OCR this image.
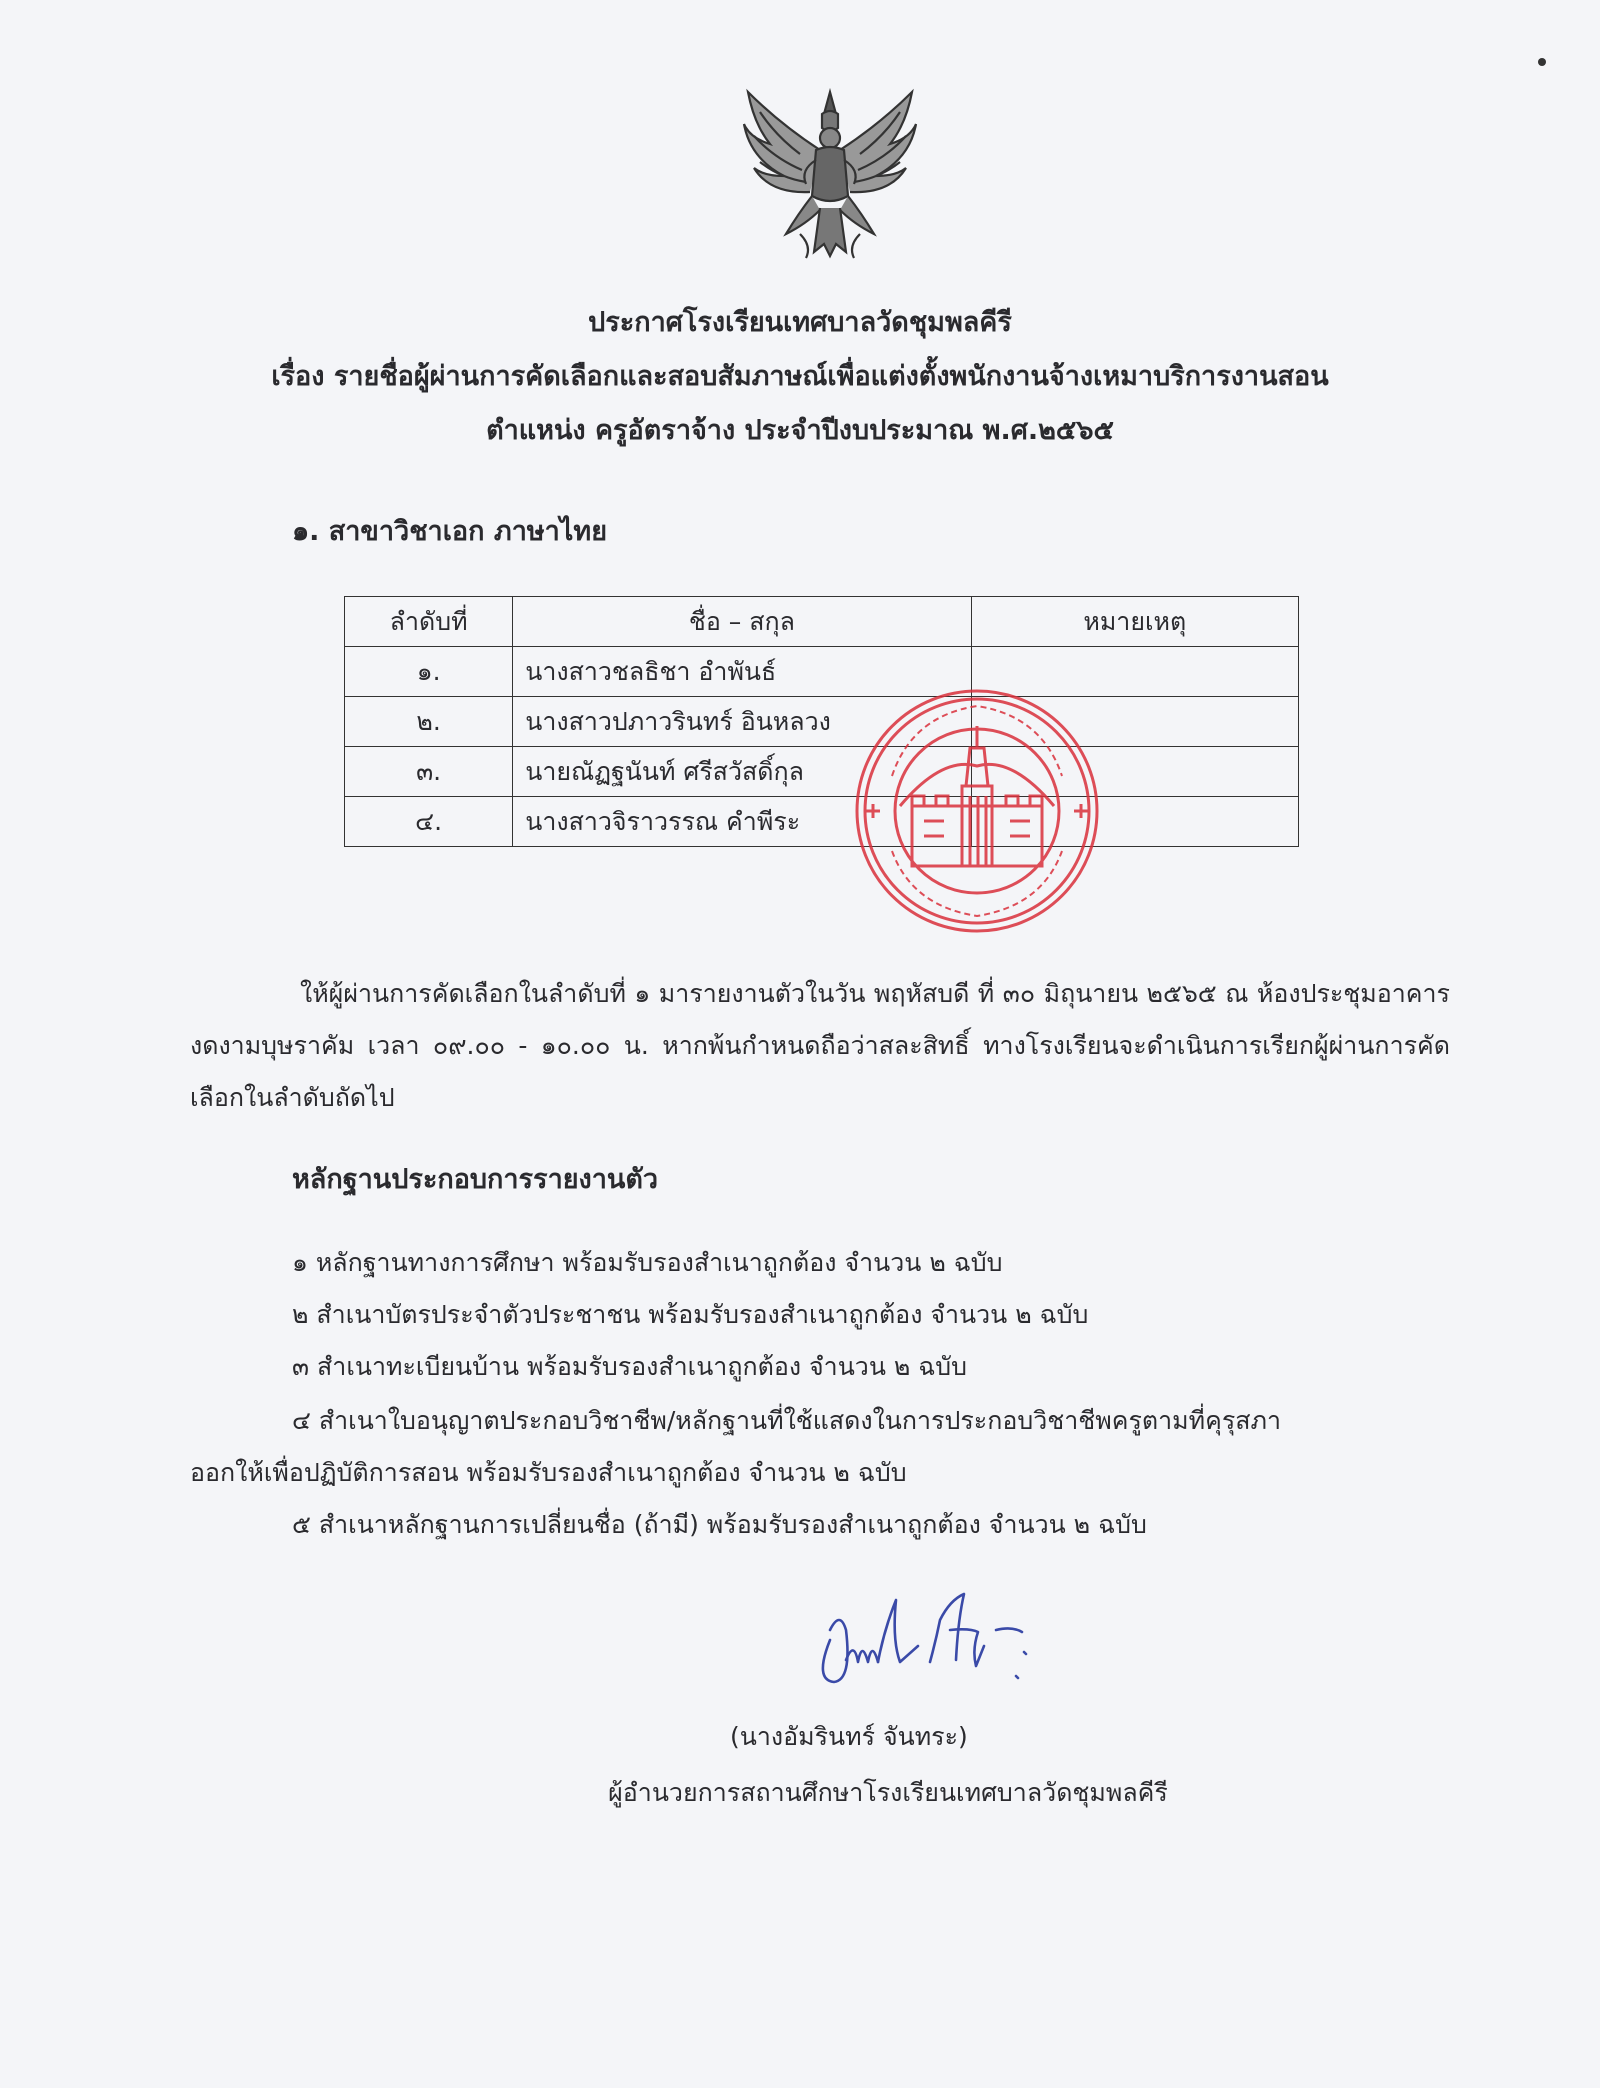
ประกาศโรงเรียนเทศบาลวัดชุมพลคีรี
เรื่อง รายชื่อผู้ผ่านการคัดเลือกและสอบสัมภาษณ์เพื่อแต่งตั้งพนักงานจ้างเหมาบริการงานสอน
ตำแหน่ง ครูอัตราจ้าง ประจำปีงบประมาณ พ.ศ.๒๕๖๕
๑. สาขาวิชาเอก ภาษาไทย
ลำดับที่	ชื่อ – สกุล	หมายเหตุ
๑.	นางสาวชลธิชา อำพันธ์	
๒.	นางสาวปภาวรินทร์ อินหลวง	
๓.	นายณัฏฐนันท์ ศรีสวัสดิ์กุล	
๔.	นางสาวจิราวรรณ คำพีระ	
ให้ผู้ผ่านการคัดเลือกในลำดับที่ ๑ มารายงานตัวในวัน พฤหัสบดี ที่ ๓๐ มิถุนายน ๒๕๖๕ ณ ห้องประชุมอาคารงดงามบุษราคัม เวลา ๐๙.๐๐ - ๑๐.๐๐ น. หากพ้นกำหนดถือว่าสละสิทธิ์ ทางโรงเรียนจะดำเนินการเรียกผู้ผ่านการคัดเลือกในลำดับถัดไป
หลักฐานประกอบการรายงานตัว
๑ หลักฐานทางการศึกษา พร้อมรับรองสำเนาถูกต้อง จำนวน ๒ ฉบับ
๒ สำเนาบัตรประจำตัวประชาชน พร้อมรับรองสำเนาถูกต้อง จำนวน ๒ ฉบับ
๓ สำเนาทะเบียนบ้าน พร้อมรับรองสำเนาถูกต้อง จำนวน ๒ ฉบับ
๔ สำเนาใบอนุญาตประกอบวิชาชีพ/หลักฐานที่ใช้แสดงในการประกอบวิชาชีพครูตามที่คุรุสภา
ออกให้เพื่อปฏิบัติการสอน พร้อมรับรองสำเนาถูกต้อง จำนวน ๒ ฉบับ
๕ สำเนาหลักฐานการเปลี่ยนชื่อ (ถ้ามี) พร้อมรับรองสำเนาถูกต้อง จำนวน ๒ ฉบับ
(นางอัมรินทร์ จันทระ)
ผู้อำนวยการสถานศึกษาโรงเรียนเทศบาลวัดชุมพลคีรี
